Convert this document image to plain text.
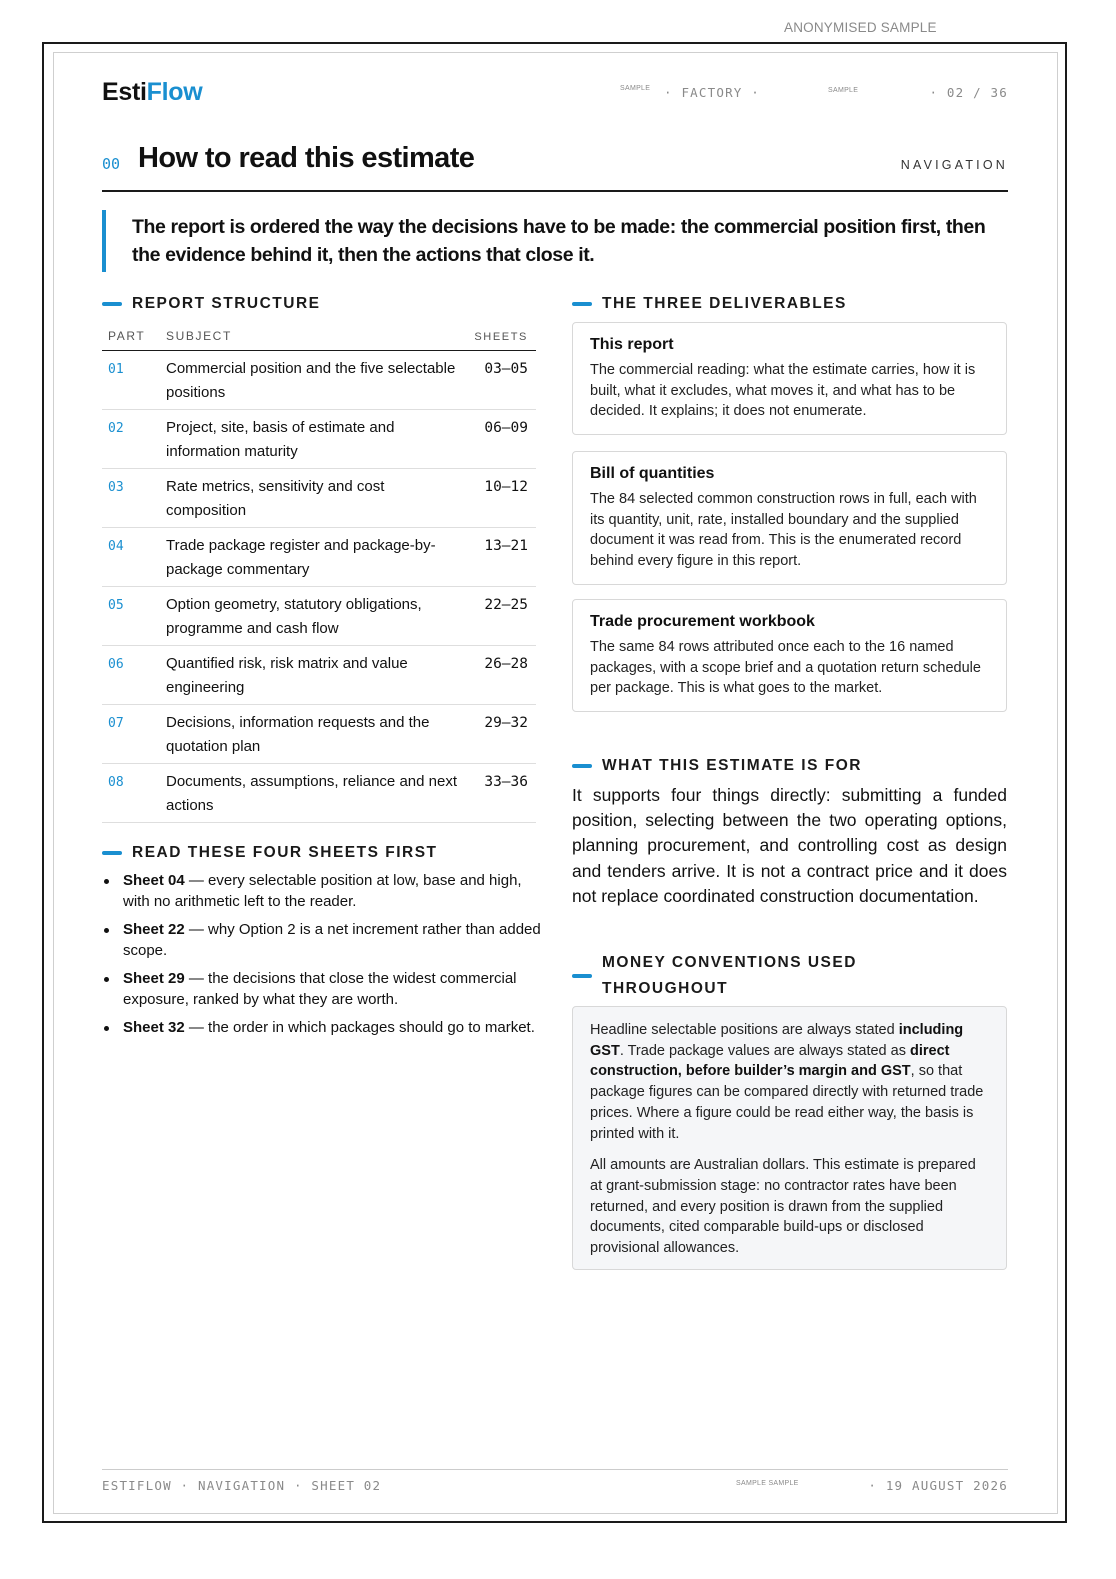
ANONYMISED SAMPLE
EstiFlow	SAMPLE · FACTORY ·	SAMPLE	· 02 / 36
00 How to read this estimate	NAVIGATION
The report is ordered the way the decisions have to be made: the commercial position first, then the evidence behind it, then the actions that close it.
REPORT STRUCTURE
PART	SUBJECT	SHEETS
01	Commercial position and the five selectable positions	03–05
02	Project, site, basis of estimate and information maturity	06–09
03	Rate metrics, sensitivity and cost composition	10–12
04	Trade package register and package-by-package commentary	13–21
05	Option geometry, statutory obligations, programme and cash flow	22–25
06	Quantified risk, risk matrix and value engineering	26–28
07	Decisions, information requests and the quotation plan	29–32
08	Documents, assumptions, reliance and next actions	33–36
READ THESE FOUR SHEETS FIRST
Sheet 04 — every selectable position at low, base and high, with no arithmetic left to the reader.
Sheet 22 — why Option 2 is a net increment rather than added scope.
Sheet 29 — the decisions that close the widest commercial exposure, ranked by what they are worth.
Sheet 32 — the order in which packages should go to market.
THE THREE DELIVERABLES
This report
The commercial reading: what the estimate carries, how it is built, what it excludes, what moves it, and what has to be decided. It explains; it does not enumerate.
Bill of quantities
The 84 selected common construction rows in full, each with its quantity, unit, rate, installed boundary and the supplied document it was read from. This is the enumerated record behind every figure in this report.
Trade procurement workbook
The same 84 rows attributed once each to the 16 named packages, with a scope brief and a quotation return schedule per package. This is what goes to the market.
WHAT THIS ESTIMATE IS FOR
It supports four things directly: submitting a funded position, selecting between the two operating options, planning procurement, and controlling cost as design and tenders arrive. It is not a contract price and it does not replace coordinated construction documentation.
MONEY CONVENTIONS USED
THROUGHOUT

Headline selectable positions are always stated including GST. Trade package values are always stated as direct construction, before builder’s margin and GST, so that package figures can be compared directly with returned trade prices. Where a figure could be read either way, the basis is printed with it.

All amounts are Australian dollars. This estimate is prepared at grant-submission stage: no contractor rates have been returned, and every position is drawn from the supplied documents, cited comparable build-ups or disclosed provisional allowances.

ESTIFLOW · NAVIGATION · SHEET 02	SAMPLE SAMPLE	· 19 AUGUST 2026
